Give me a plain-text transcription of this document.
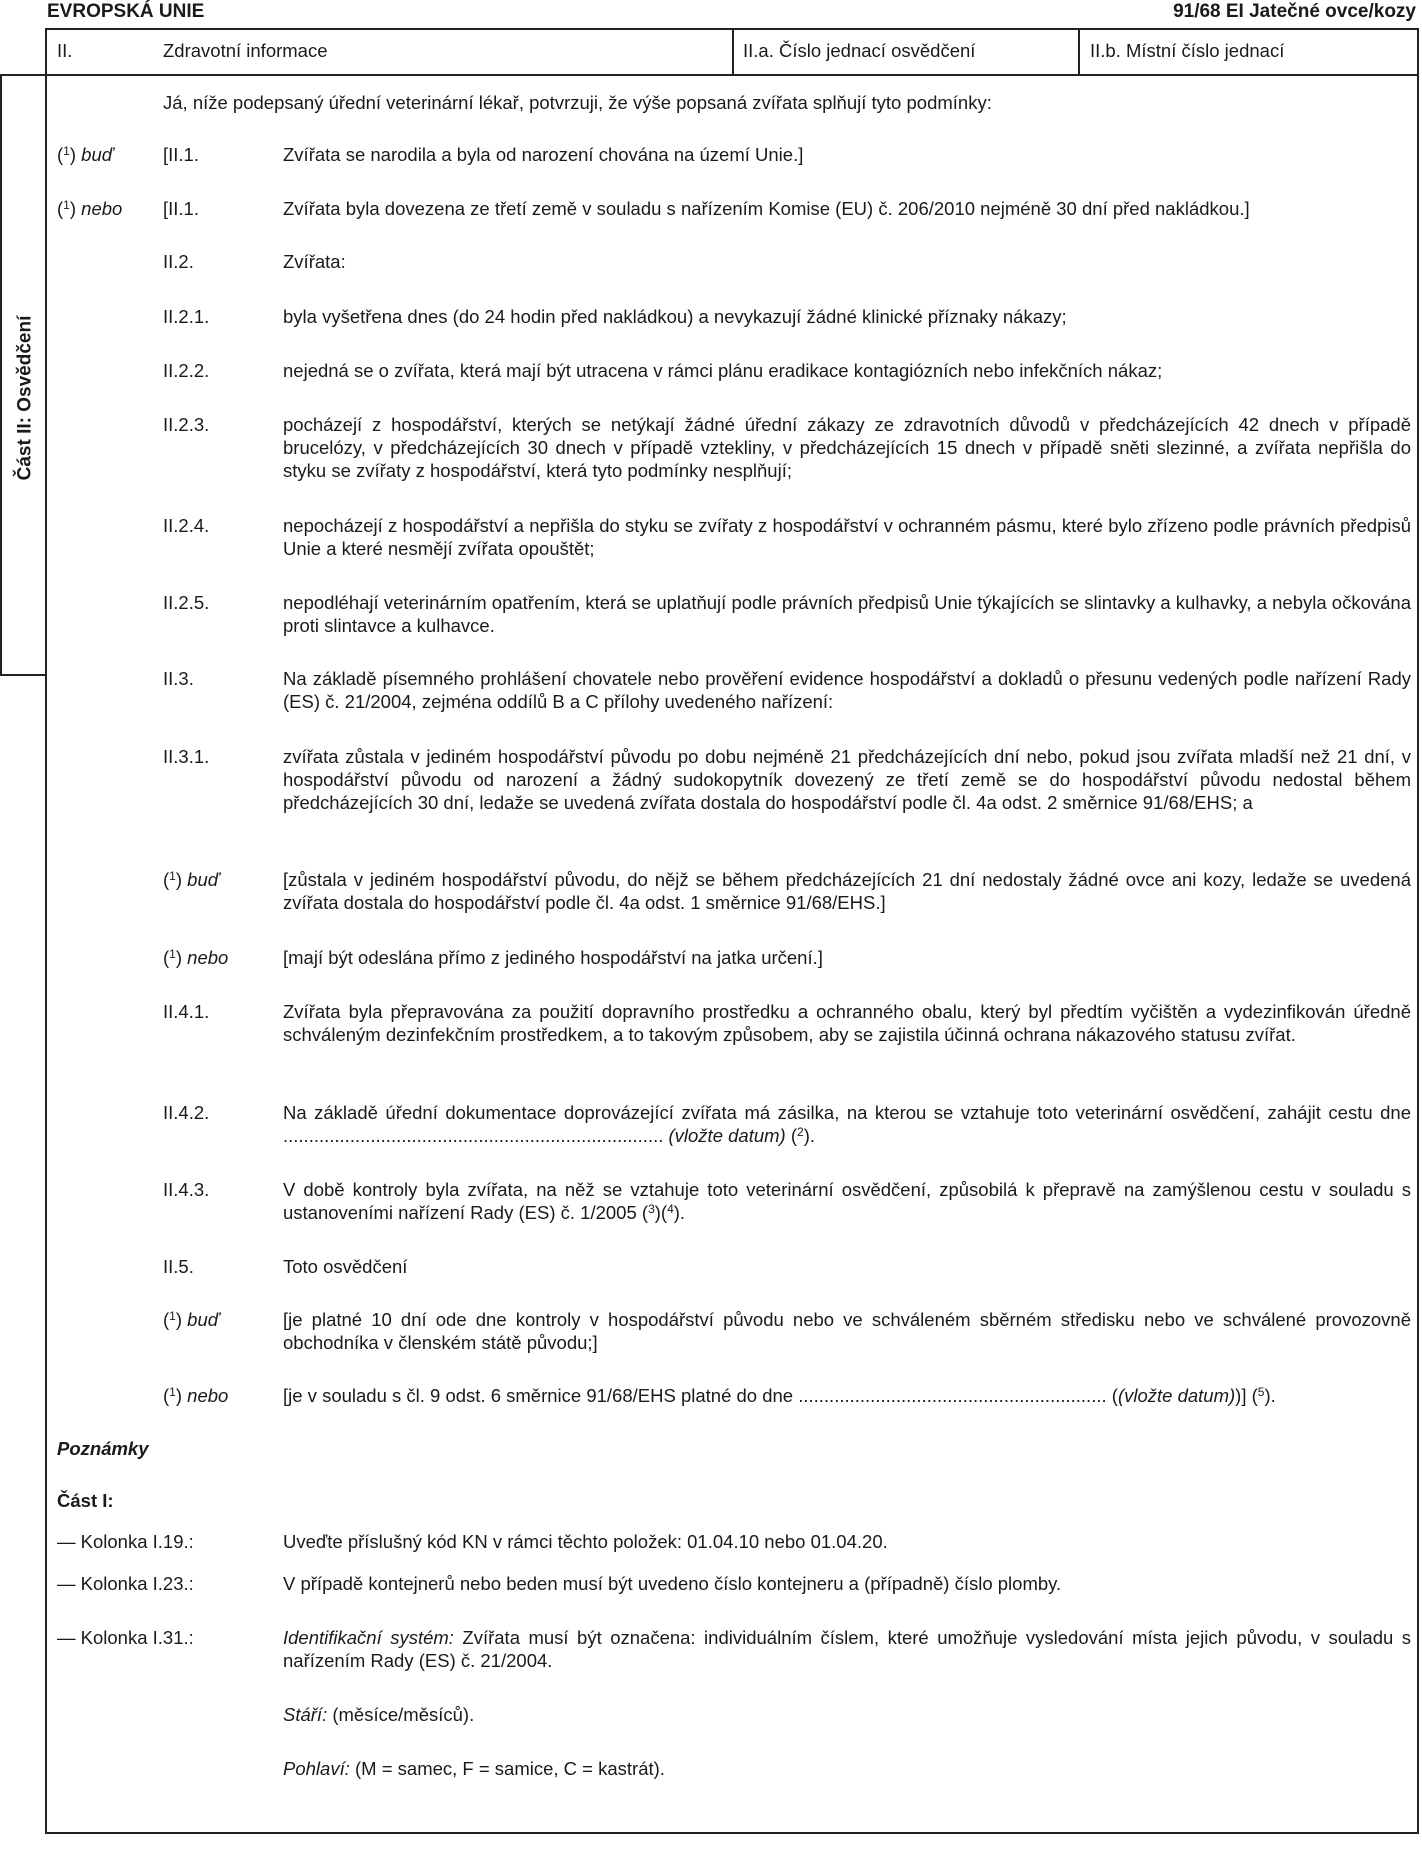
EVROPSKÁ UNIE	91/68 EI Jatečné ovce/kozy
II.	Zdravotní informace	II.a. Číslo jednací osvědčení	II.b. Místní číslo jednací
Část II: Osvědčení
Já, níže podepsaný úřední veterinární lékař, potvrzuji, že výše popsaná zvířata splňují tyto podmínky:
($^1$) buď	[II.1.	Zvířata se narodila a byla od narození chována na území Unie.]
($^1$) nebo [II.1.	Zvířata byla dovezena ze třetí země v souladu s nařízením Komise (EU) č. 206/2010 nejméně 30 dní před nakládkou.]
II.2.	Zvířata:
II.2.1.	byla vyšetřena dnes (do 24 hodin před nakládkou) a nevykazují žádné klinické příznaky nákazy;
II.2.2.	nejedná se o zvířata, která mají být utracena v rámci plánu eradikace kontagiózních nebo infekčních nákaz;
II.2.3.	pocházejí z hospodářství, kterých se netýkají žádné úřední zákazy ze zdravotních důvodů v předcházejících 42 dnech v případě brucelózy, v předcházejících 30 dnech v případě vztekliny, v předcházejících 15 dnech v případě sněti slezinné, a zvířata nepřišla do styku se zvířaty z hospodářství, která tyto podmínky nesplňují;
II.2.4.	nepocházejí z hospodářství a nepřišla do styku se zvířaty z hospodářství v ochranném pásmu, které bylo zřízeno podle právních předpisů Unie a které nesmějí zvířata opouštět;
II.2.5.	nepodléhají veterinárním opatřením, která se uplatňují podle právních předpisů Unie týkajících se slintavky a kulhavky, a nebyla očkována proti slintavce a kulhavce.
II.3.	Na základě písemného prohlášení chovatele nebo prověření evidence hospodářství a dokladů o přesunu vedených podle nařízení Rady (ES) č. 21/2004, zejména oddílů B a C přílohy uvedeného nařízení:
II.3.1.	zvířata zůstala v jediném hospodářství původu po dobu nejméně 21 předcházejících dní nebo, pokud jsou zvířata mladší než 21 dní, v hospodářství původu od narození a žádný sudokopytník dovezený ze třetí země se do hospodářství původu nedostal během předcházejících 30 dní, ledaže se uvedená zvířata dostala do hospodářství podle čl. 4a odst. 2 směrnice 91/68/EHS; a
($^1$) buď	[zůstala v jediném hospodářství původu, do nějž se během předcházejících 21 dní nedostaly žádné ovce ani kozy, ledaže se uvedená zvířata dostala do hospodářství podle čl. 4a odst. 1 směrnice 91/68/EHS.]
($^1$) nebo	[mají být odeslána přímo z jediného hospodářství na jatka určení.]
II.4.1.	Zvířata byla přepravována za použití dopravního prostředku a ochranného obalu, který byl předtím vyčištěn a vydezinfikován úředně schváleným dezinfekčním prostředkem, a to takovým způsobem, aby se zajistila účinná ochrana nákazového statusu zvířat.
II.4.2.	Na základě úřední dokumentace doprovázející zvířata má zásilka, na kterou se vztahuje toto veterinární osvědčení, zahájit cestu dne .......................................................................... (vložte datum) ($^2$).
II.4.3.	V době kontroly byla zvířata, na něž se vztahuje toto veterinární osvědčení, způsobilá k přepravě na zamýšlenou cestu v souladu s ustanoveními nařízení Rady (ES) č. 1/2005 ($^3$)($^4$).
II.5.	Toto osvědčení
($^1$) buď	[je platné 10 dní ode dne kontroly v hospodářství původu nebo ve schváleném sběrném středisku nebo ve schválené provozovně obchodníka v členském státě původu;]
($^1$) nebo	[je v souladu s čl. 9 odst. 6 směrnice 91/68/EHS platné do dne ............................................................ ((vložte datum))] ($^5$).
Poznámky
Část I:
— Kolonka I.19.:	Uveďte příslušný kód KN v rámci těchto položek: 01.04.10 nebo 01.04.20.
— Kolonka I.23.:	V případě kontejnerů nebo beden musí být uvedeno číslo kontejneru a (případně) číslo plomby.
— Kolonka I.31.:	Identifikační systém: Zvířata musí být označena: individuálním číslem, které umožňuje vysledování místa jejich původu, v souladu s nařízením Rady (ES) č. 21/2004.
Stáří: (měsíce/měsíců).
Pohlaví: (M = samec, F = samice, C = kastrát).
